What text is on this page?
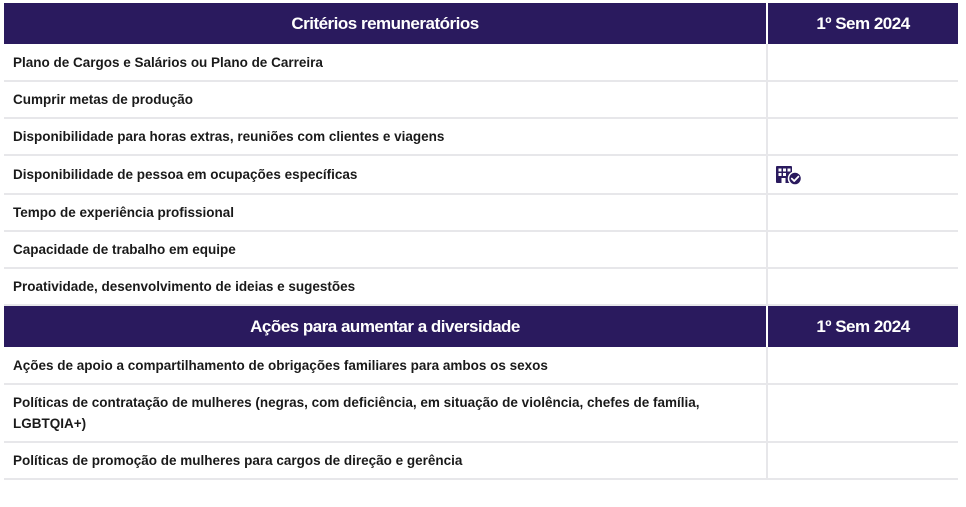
Critérios remuneratórios	1º Sem 2024
Plano de Cargos e Salários ou Plano de Carreira	
Cumprir metas de produção	
Disponibilidade para horas extras, reuniões com clientes e viagens	
Disponibilidade de pessoa em ocupações específicas	
Tempo de experiência profissional	
Capacidade de trabalho em equipe	
Proatividade, desenvolvimento de ideias e sugestões	
Ações para aumentar a diversidade	1º Sem 2024
Ações de apoio a compartilhamento de obrigações familiares para ambos os sexos	
Políticas de contratação de mulheres (negras, com deficiência, em situação de violência, chefes de família, LGBTQIA+)	
Políticas de promoção de mulheres para cargos de direção e gerência	
